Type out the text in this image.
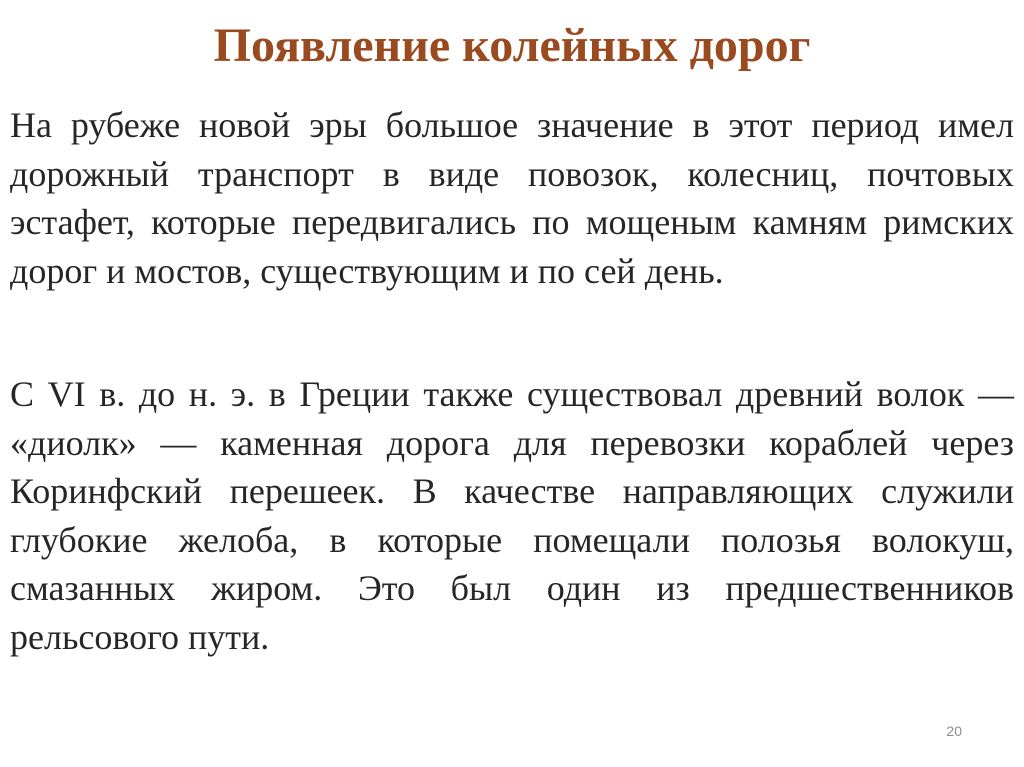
Появление колейных дорог

На рубеже новой эры большое значение в этот период имел дорожный транспорт в виде повозок, колесниц, почтовых эстафет, которые передвигались по мощеным камням римских дорог и мостов, существующим и по сей день.

С VI в. до н. э. в Греции также существовал древний волок — «диолк» — каменная дорога для перевозки кораблей через Коринфский перешеек. В качестве направляющих служили глубокие желоба, в которые помещали полозья волокуш, смазанных жиром. Это был один из предшественников рельсового пути.

20
